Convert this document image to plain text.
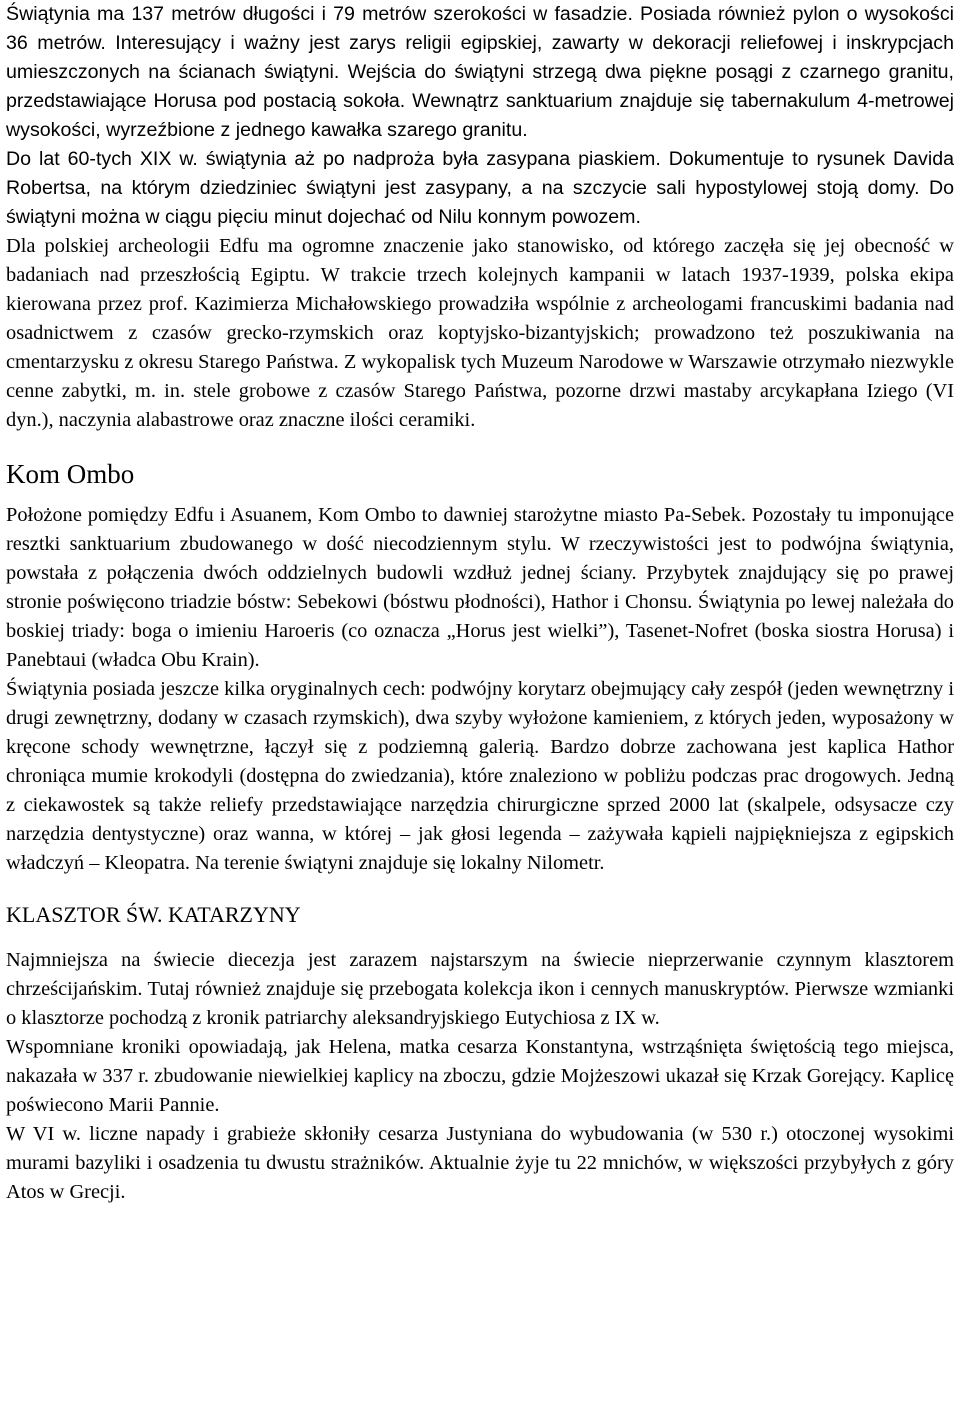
Świątynia ma 137 metrów długości i 79 metrów szerokości w fasadzie. Posiada również pylon o wysokości 36 metrów. Interesujący i ważny jest zarys religii egipskiej, zawarty w dekoracji reliefowej i inskrypcjach umieszczonych na ścianach świątyni. Wejścia do świątyni strzegą dwa piękne posągi z czarnego granitu, przedstawiające Horusa pod postacią sokoła. Wewnątrz sanktuarium znajduje się tabernakulum 4-metrowej wysokości, wyrzeźbione z jednego kawałka szarego granitu.

Do lat 60-tych XIX w. świątynia aż po nadproża była zasypana piaskiem. Dokumentuje to rysunek Davida Robertsa, na którym dziedziniec świątyni jest zasypany, a na szczycie sali hypostylowej stoją domy. Do świątyni można w ciągu pięciu minut dojechać od Nilu konnym powozem.

Dla polskiej archeologii Edfu ma ogromne znaczenie jako stanowisko, od którego zaczęła się jej obecność w badaniach nad przeszłością Egiptu. W trakcie trzech kolejnych kampanii w latach 1937-1939, polska ekipa kierowana przez prof. Kazimierza Michałowskiego prowadziła wspólnie z archeologami francuskimi badania nad osadnictwem z czasów grecko-rzymskich oraz koptyjsko-bizantyjskich; prowadzono też poszukiwania na cmentarzysku z okresu Starego Państwa. Z wykopalisk tych Muzeum Narodowe w Warszawie otrzymało niezwykle cenne zabytki, m. in. stele grobowe z czasów Starego Państwa, pozorne drzwi mastaby arcykapłana Iziego (VI dyn.), naczynia alabastrowe oraz znaczne ilości ceramiki.

Kom Ombo

Położone pomiędzy Edfu i Asuanem, Kom Ombo to dawniej starożytne miasto Pa-Sebek. Pozostały tu imponujące resztki sanktuarium zbudowanego w dość niecodziennym stylu. W rzeczywistości jest to podwójna świątynia, powstała z połączenia dwóch oddzielnych budowli wzdłuż jednej ściany. Przybytek znajdujący się po prawej stronie poświęcono triadzie bóstw: Sebekowi (bóstwu płodności), Hathor i Chonsu. Świątynia po lewej należała do boskiej triady: boga o imieniu Haroeris (co oznacza „Horus jest wielki”), Tasenet-Nofret (boska siostra Horusa) i Panebtaui (władca Obu Krain).

Świątynia posiada jeszcze kilka oryginalnych cech: podwójny korytarz obejmujący cały zespół (jeden wewnętrzny i drugi zewnętrzny, dodany w czasach rzymskich), dwa szyby wyłożone kamieniem, z których jeden, wyposażony w kręcone schody wewnętrzne, łączył się z podziemną galerią. Bardzo dobrze zachowana jest kaplica Hathor chroniąca mumie krokodyli (dostępna do zwiedzania), które znaleziono w pobliżu podczas prac drogowych. Jedną z ciekawostek są także reliefy przedstawiające narzędzia chirurgiczne sprzed 2000 lat (skalpele, odsysacze czy narzędzia dentystyczne) oraz wanna, w której – jak głosi legenda – zażywała kąpieli najpiękniejsza z egipskich władczyń – Kleopatra. Na terenie świątyni znajduje się lokalny Nilometr.

KLASZTOR ŚW. KATARZYNY

Najmniejsza na świecie diecezja jest zarazem najstarszym na świecie nieprzerwanie czynnym klasztorem chrześcijańskim. Tutaj również znajduje się przebogata kolekcja ikon i cennych manuskryptów. Pierwsze wzmianki o klasztorze pochodzą z kronik patriarchy aleksandryjskiego Eutychiosa z IX w.

Wspomniane kroniki opowiadają, jak Helena, matka cesarza Konstantyna, wstrząśnięta świętością tego miejsca, nakazała w 337 r. zbudowanie niewielkiej kaplicy na zboczu, gdzie Mojżeszowi ukazał się Krzak Gorejący. Kaplicę poświecono Marii Pannie.

W VI w. liczne napady i grabieże skłoniły cesarza Justyniana do wybudowania (w 530 r.) otoczonej wysokimi murami bazyliki i osadzenia tu dwustu strażników. Aktualnie żyje tu 22 mnichów, w większości przybyłych z góry Atos w Grecji.
